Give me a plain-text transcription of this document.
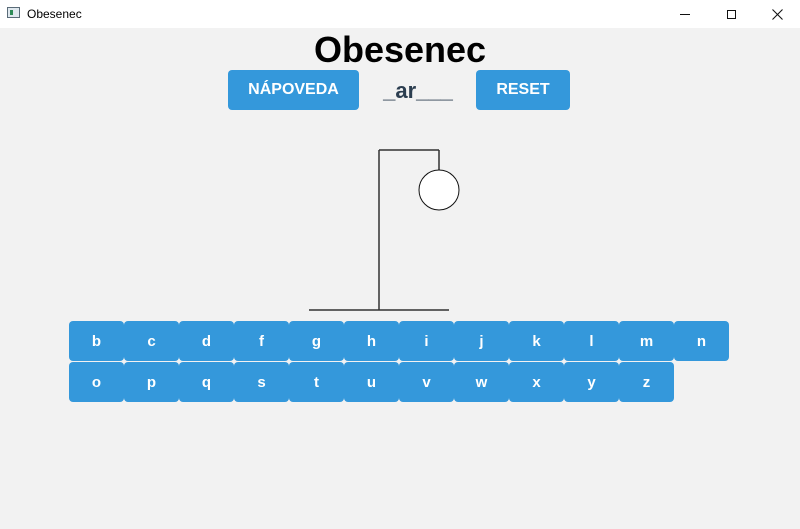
Obesenec
Obesenec
NÁPOVEDA	_ar___	RESET
b	c	d	f	g	h	i	j	k	l	m	n
o	p	q	s	t	u	v	w	x	y	z
